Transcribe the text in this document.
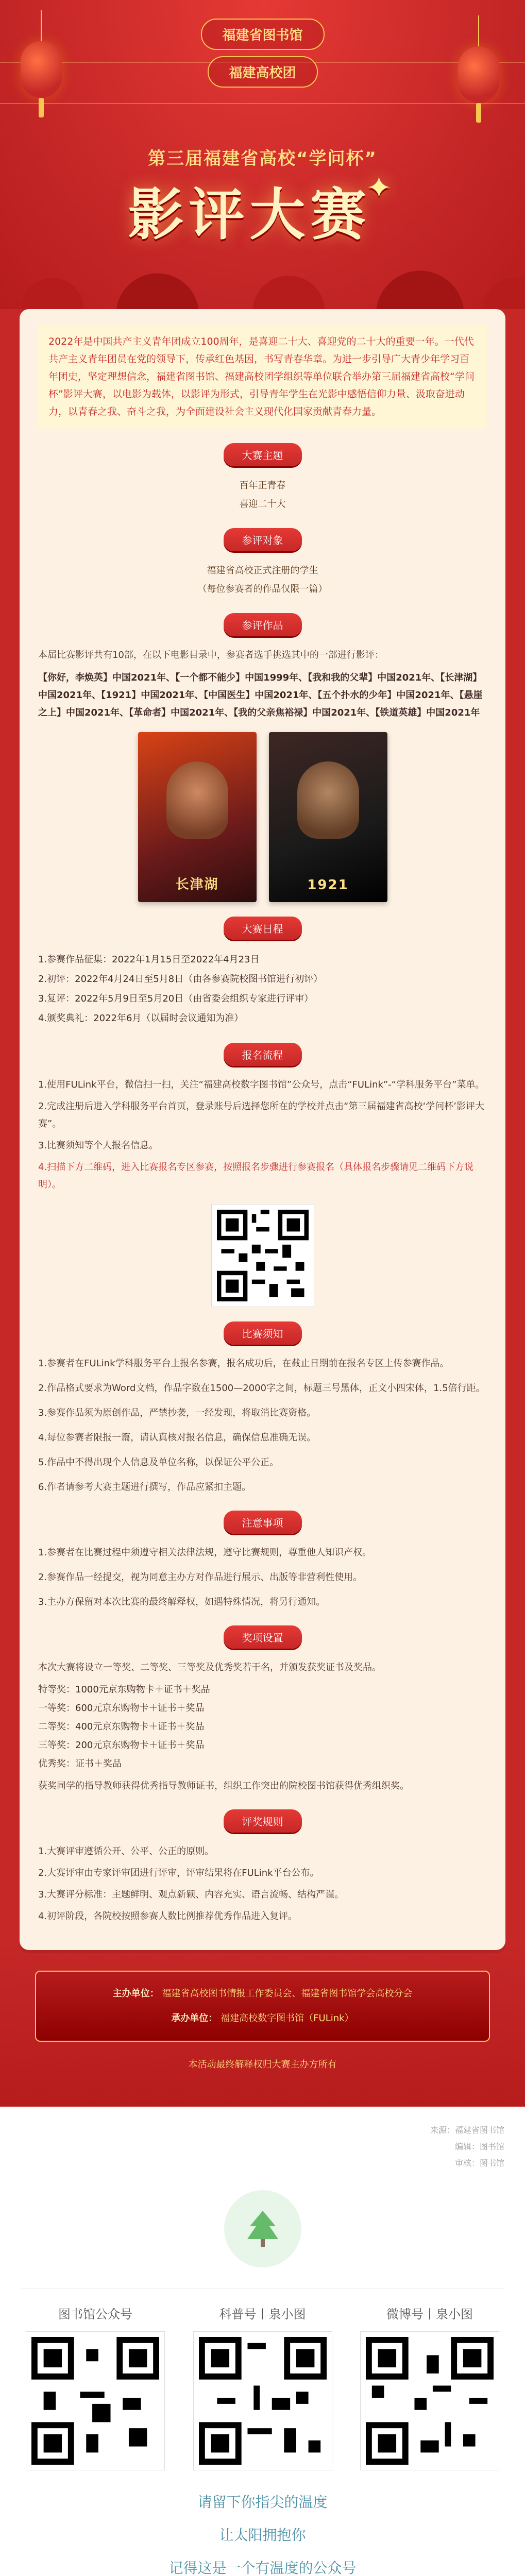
福建省图书馆
福建高校团
第三届福建省高校“学问杯”
影评大赛✦
2022年是中国共产主义青年团成立100周年，是喜迎二十大、喜迎党的二十大的重要一年。一代代共产主义青年团员在党的领导下，传承红色基因，书写青春华章。为进一步引导广大青少年学习百年团史，坚定理想信念，福建省图书馆、福建高校团学组织等单位联合举办第三届福建省高校“学问杯”影评大赛，以电影为载体，以影评为形式，引导青年学生在光影中感悟信仰力量、汲取奋进动力，以青春之我、奋斗之我，为全面建设社会主义现代化国家贡献青春力量。
大赛主题
百年正青春
喜迎二十大
参评对象
福建省高校正式注册的学生
（每位参赛者的作品仅限一篇）
参评作品

本届比赛影评共有10部，在以下电影目录中，参赛者选手挑选其中的一部进行影评：

【你好，李焕英】中国2021年、【一个都不能少】中国1999年、【我和我的父辈】中国2021年、【长津湖】中国2021年、【1921】中国2021年、【中国医生】中国2021年、【五个扑水的少年】中国2021年、【悬崖之上】中国2021年、【革命者】中国2021年、【我的父亲焦裕禄】中国2021年、【铁道英雄】中国2021年

长津湖	1921
大赛日程

1.参赛作品征集：2022年1月15日至2022年4月23日

2.初评：2022年4月24日至5月8日（由各参赛院校图书馆进行初评）

3.复评：2022年5月9日至5月20日（由省委会组织专家进行评审）

4.颁奖典礼：2022年6月（以届时会议通知为准）

报名流程

1.使用FULink平台，微信扫一扫，关注“福建高校数字图书馆”公众号，点击“FULink”-“学科服务平台”菜单。

2.完成注册后进入学科服务平台首页，登录账号后选择您所在的学校并点击“第三届福建省高校‘学问杯’影评大赛”。

3.比赛须知等个人报名信息。

4.扫描下方二维码，进入比赛报名专区参赛，按照报名步骤进行参赛报名（具体报名步骤请见二维码下方说明）。

比赛须知

1.参赛者在FULink学科服务平台上报名参赛，报名成功后，在截止日期前在报名专区上传参赛作品。

2.作品格式要求为Word文档，作品字数在1500—2000字之间，标题三号黑体，正文小四宋体，1.5倍行距。

3.参赛作品须为原创作品，严禁抄袭，一经发现，将取消比赛资格。

4.每位参赛者限报一篇，请认真核对报名信息，确保信息准确无误。

5.作品中不得出现个人信息及单位名称，以保证公平公正。

6.作者请参考大赛主题进行撰写，作品应紧扣主题。

注意事项

1.参赛者在比赛过程中须遵守相关法律法规，遵守比赛规则，尊重他人知识产权。

2.参赛作品一经提交，视为同意主办方对作品进行展示、出版等非营利性使用。

3.主办方保留对本次比赛的最终解释权，如遇特殊情况，将另行通知。

奖项设置

本次大赛将设立一等奖、二等奖、三等奖及优秀奖若干名，并颁发获奖证书及奖品。

特等奖：1000元京东购物卡＋证书＋奖品

一等奖：600元京东购物卡＋证书＋奖品

二等奖：400元京东购物卡＋证书＋奖品

三等奖：200元京东购物卡＋证书＋奖品

优秀奖：证书＋奖品

获奖同学的指导教师获得优秀指导教师证书，组织工作突出的院校图书馆获得优秀组织奖。

评奖规则

1.大赛评审遵循公开、公平、公正的原则。

2.大赛评审由专家评审团进行评审，评审结果将在FULink平台公布。

3.大赛评分标准：主题鲜明、观点新颖、内容充实、语言流畅、结构严谨。

4.初评阶段，各院校按照参赛人数比例推荐优秀作品进入复评。

主办单位： 福建省高校图书情报工作委员会、福建省图书馆学会高校分会
承办单位： 福建高校数字图书馆（FULink）
本活动最终解释权归大赛主办方所有
来源：福建省图书馆
编辑：图书馆
审核：图书馆
图书馆公众号	科普号丨泉小图	微博号丨泉小图
请留下你指尖的温度
让太阳拥抱你
记得这是一个有温度的公众号
